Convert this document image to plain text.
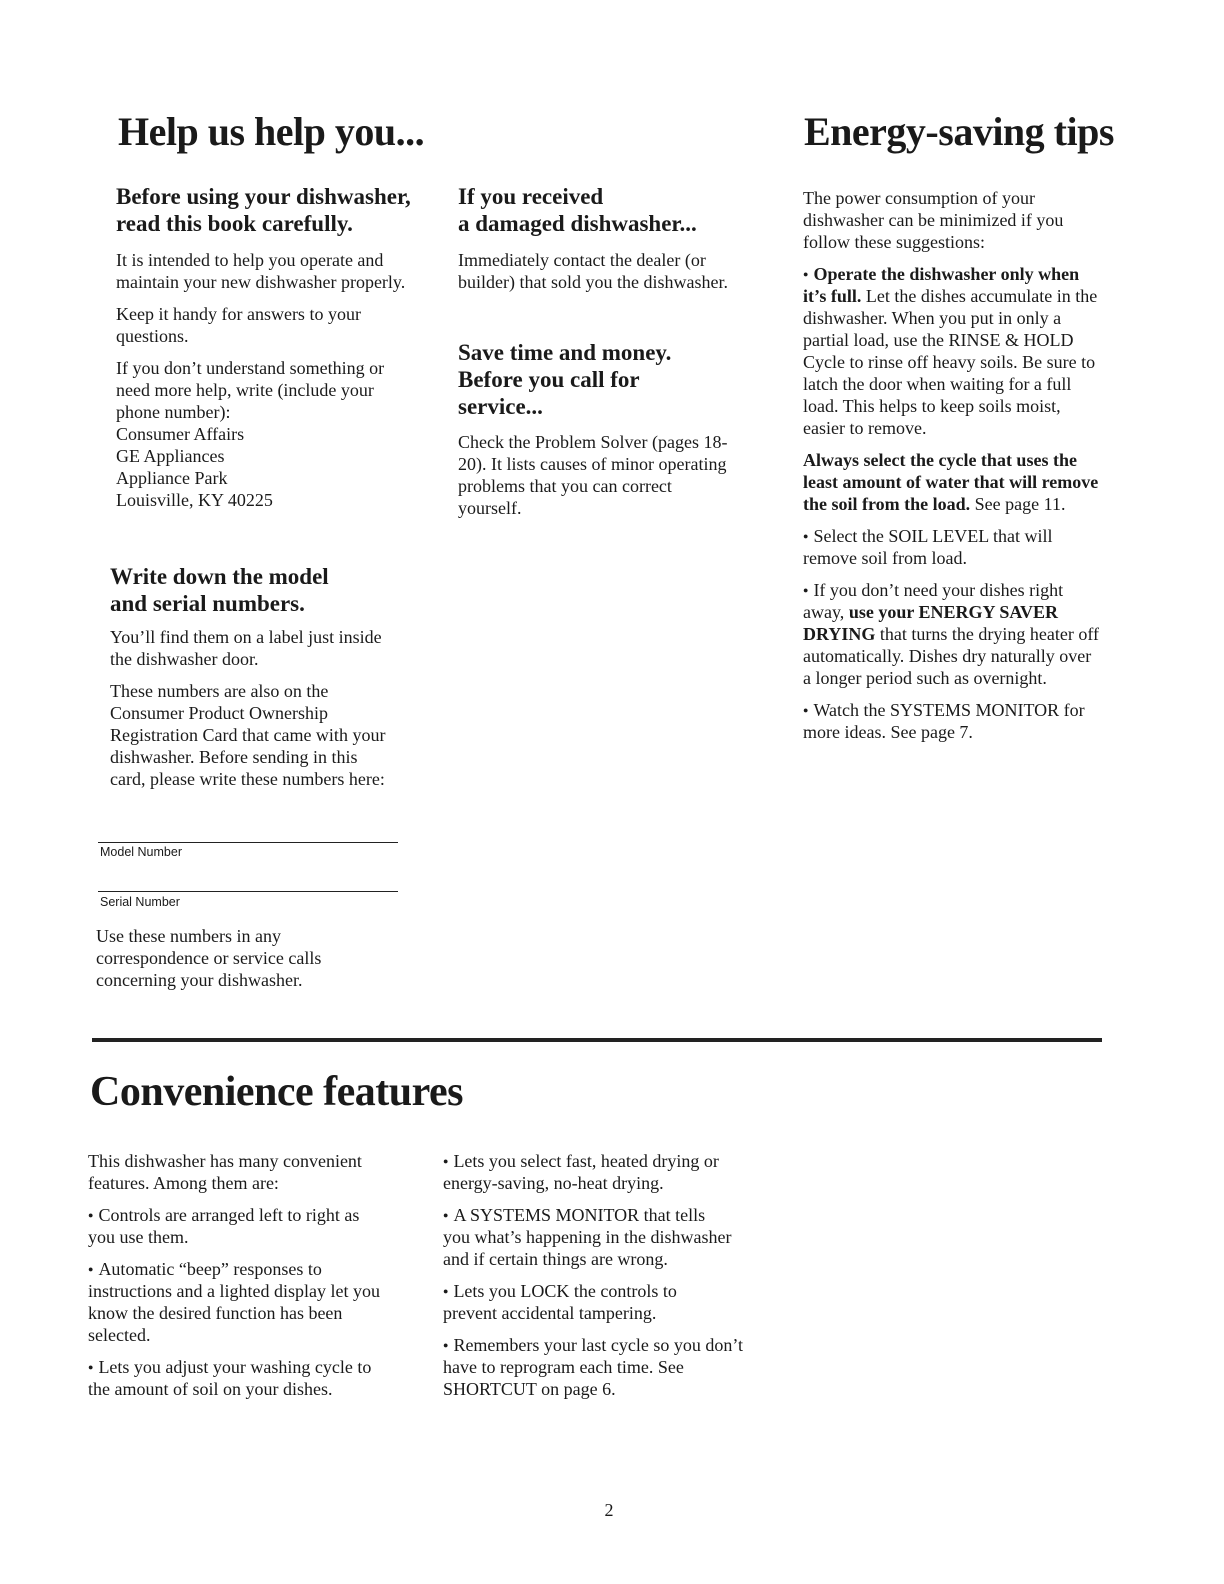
Help us help you...
Before using your dishwasher,
read this book carefully.

It is intended to help you operate and maintain your new dishwasher properly.

Keep it handy for answers to your questions.

If you don’t understand something or need more help, write (include your phone number):

Consumer Affairs
GE Appliances
Appliance Park
Louisville, KY 40225
Write down the model
and serial numbers.

You’ll find them on a label just inside the dishwasher door.

These numbers are also on the Consumer Product Ownership Registration Card that came with your dishwasher. Before sending in this card, please write these numbers here:

Model Number
Serial Number

Use these numbers in any correspondence or service calls concerning your dishwasher.

If you received
a damaged dishwasher...

Immediately contact the dealer (or builder) that sold you the dishwasher.

Save time and money.
Before you call for
service...

Check the Problem Solver (pages 18-20). It lists causes of minor operating problems that you can correct yourself.

Energy-saving tips

The power consumption of your dishwasher can be minimized if you follow these suggestions:

● Operate the dishwasher only when it’s full. Let the dishes accumulate in the dishwasher. When you put in only a partial load, use the RINSE & HOLD Cycle to rinse off heavy soils. Be sure to latch the door when waiting for a full load. This helps to keep soils moist, easier to remove.

Always select the cycle that uses the least amount of water that will remove the soil from the load. See page 11.

● Select the SOIL LEVEL that will remove soil from load.

● If you don’t need your dishes right away, use your ENERGY SAVER DRYING that turns the drying heater off automatically. Dishes dry naturally over a longer period such as overnight.

● Watch the SYSTEMS MONITOR for more ideas. See page 7.

Convenience features

This dishwasher has many convenient features. Among them are:

● Controls are arranged left to right as you use them.

● Automatic “beep” responses to instructions and a lighted display let you know the desired function has been selected.

● Lets you adjust your washing cycle to the amount of soil on your dishes.

● Lets you select fast, heated drying or energy-saving, no-heat drying.

● A SYSTEMS MONITOR that tells you what’s happening in the dishwasher and if certain things are wrong.

● Lets you LOCK the controls to prevent accidental tampering.

● Remembers your last cycle so you don’t have to reprogram each time. See SHORTCUT on page 6.

2
